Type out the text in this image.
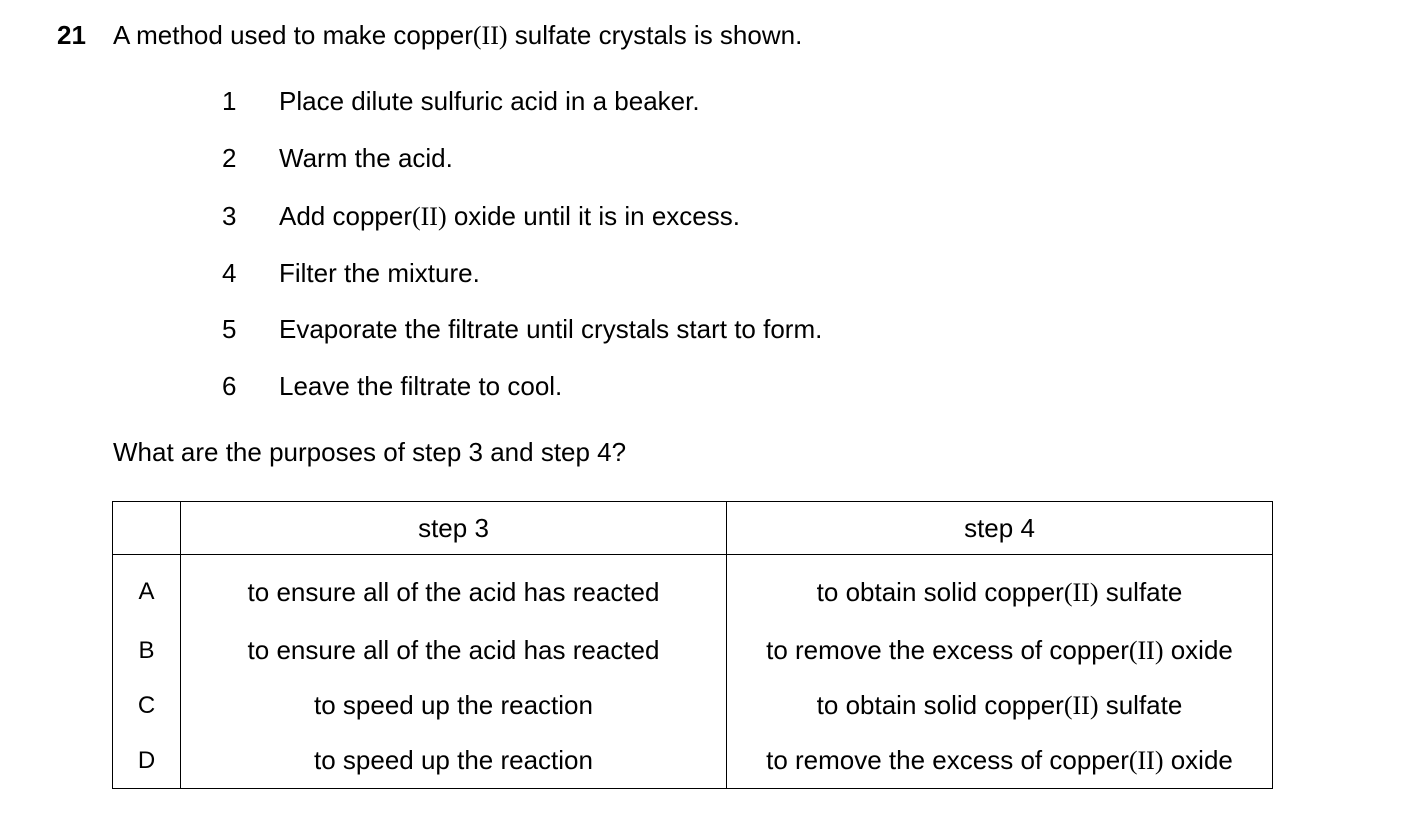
21 A method used to make copper(II) sulfate crystals is shown.
1 Place dilute sulfuric acid in a beaker.
2 Warm the acid.
3 Add copper(II) oxide until it is in excess.
4 Filter the mixture.
5 Evaporate the filtrate until crystals start to form.
6 Leave the filtrate to cool.
What are the purposes of step 3 and step 4?
	step 3	step 4
A	to ensure all of the acid has reacted	to obtain solid copper(II) sulfate
B	to ensure all of the acid has reacted	to remove the excess of copper(II) oxide
C	to speed up the reaction	to obtain solid copper(II) sulfate
D	to speed up the reaction	to remove the excess of copper(II) oxide
